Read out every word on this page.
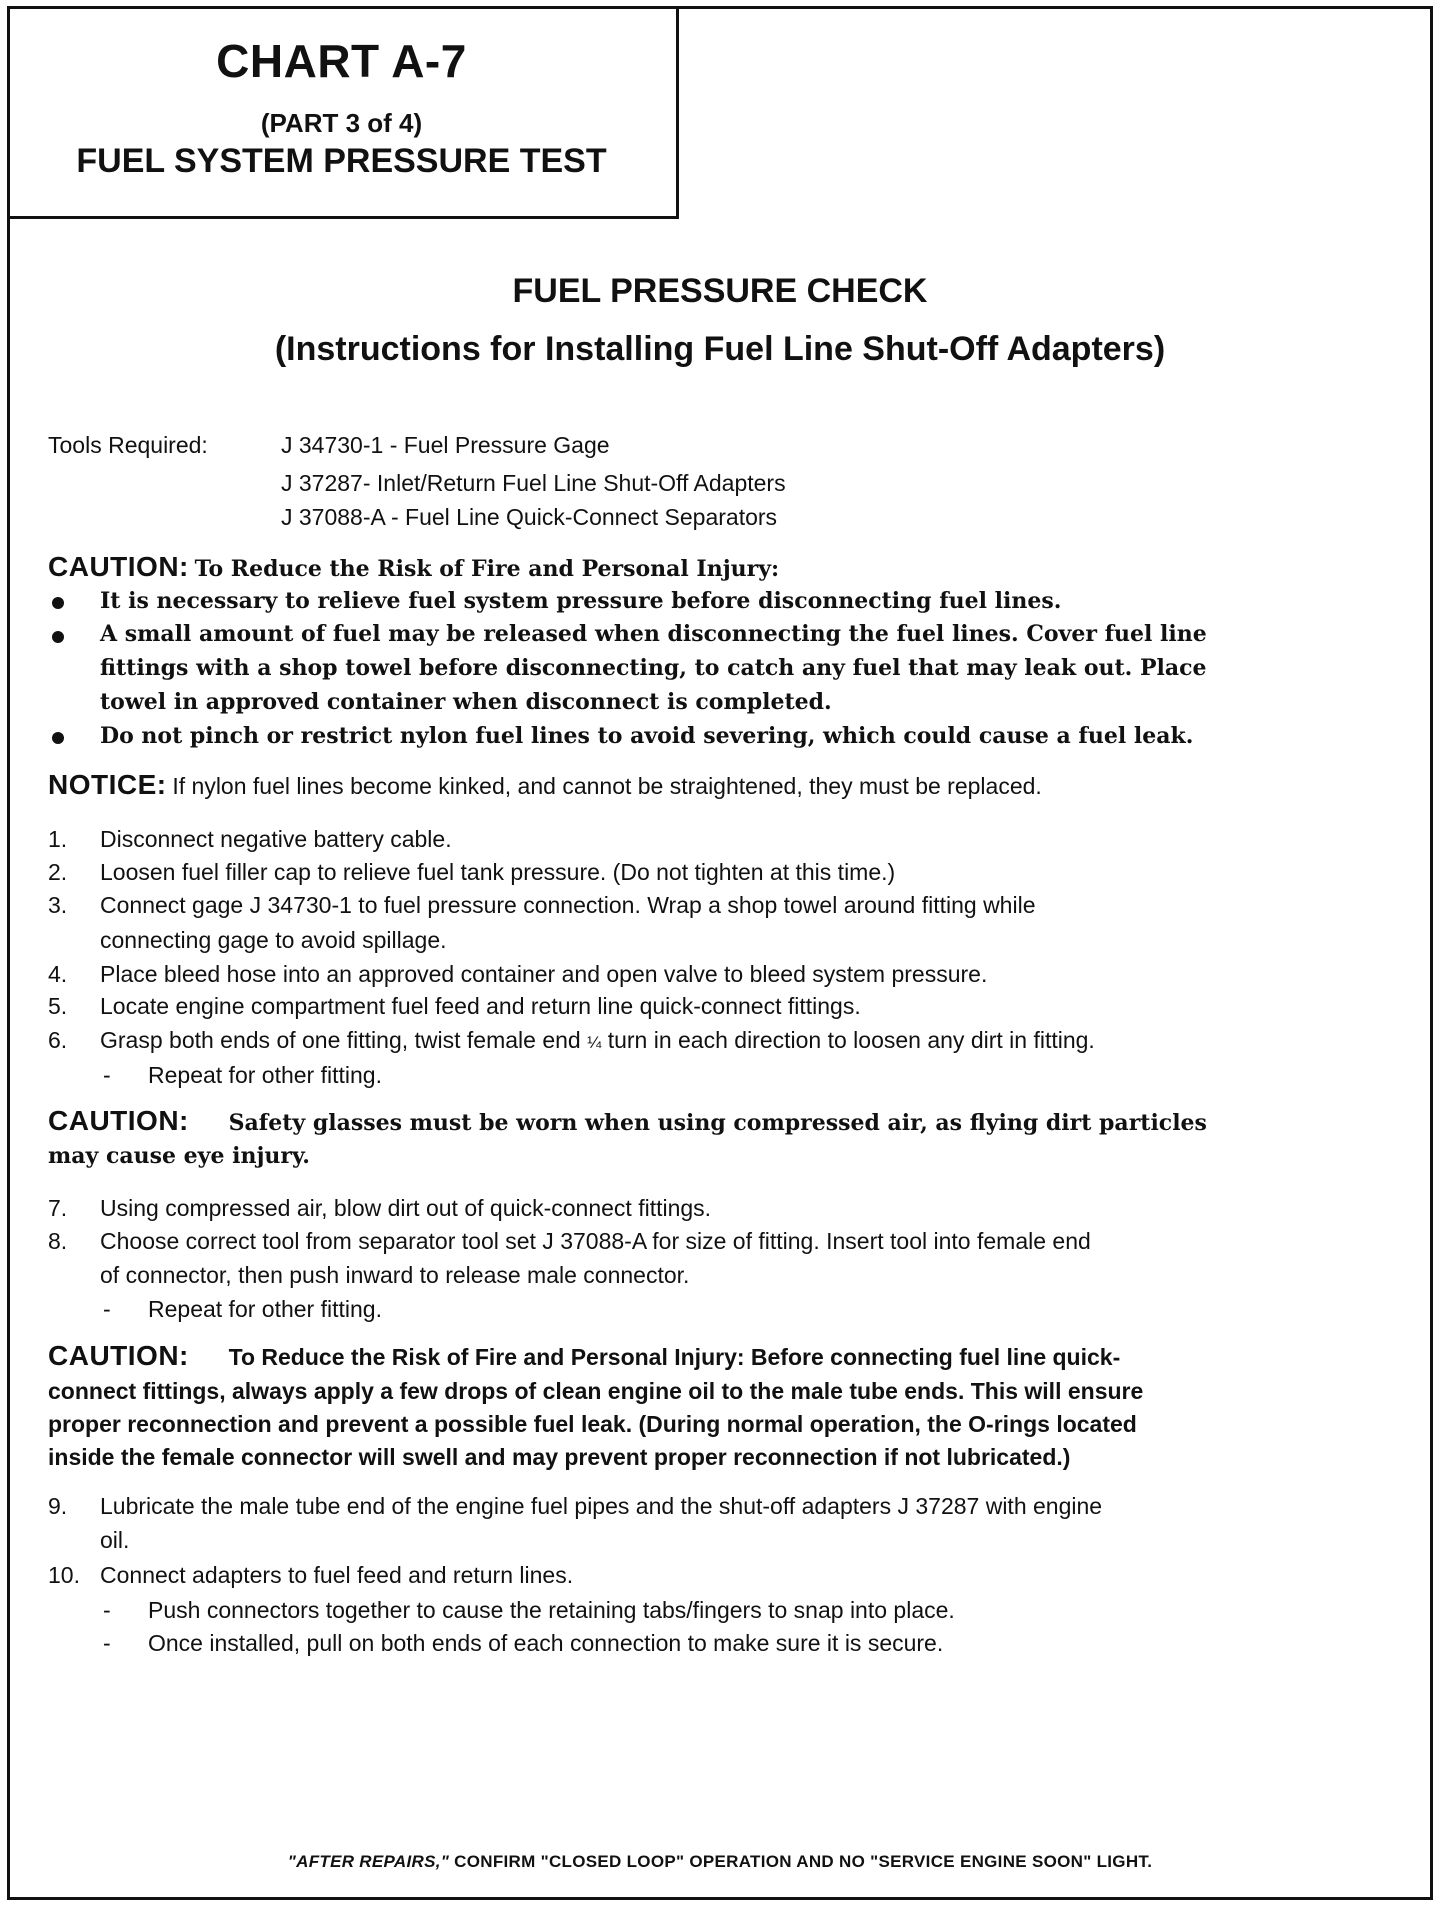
CHART A-7
(PART 3 of 4)
FUEL SYSTEM PRESSURE TEST
FUEL PRESSURE CHECK
(Instructions for Installing Fuel Line Shut-Off Adapters)
Tools Required:	J 34730-1 - Fuel Pressure Gage
J 37287- Inlet/Return Fuel Line Shut-Off Adapters
J 37088-A - Fuel Line Quick-Connect Separators
CAUTION: To Reduce the Risk of Fire and Personal Injury:
It is necessary to relieve fuel system pressure before disconnecting fuel lines.
A small amount of fuel may be released when disconnecting the fuel lines. Cover fuel line
fittings with a shop towel before disconnecting, to catch any fuel that may leak out. Place
towel in approved container when disconnect is completed.
Do not pinch or restrict nylon fuel lines to avoid severing, which could cause a fuel leak.
NOTICE: If nylon fuel lines become kinked, and cannot be straightened, they must be replaced.
1. Disconnect negative battery cable.
2. Loosen fuel filler cap to relieve fuel tank pressure. (Do not tighten at this time.)
3. Connect gage J 34730-1 to fuel pressure connection. Wrap a shop towel around fitting while
connecting gage to avoid spillage.
4. Place bleed hose into an approved container and open valve to bleed system pressure.
5. Locate engine compartment fuel feed and return line quick-connect fittings.
6. Grasp both ends of one fitting, twist female end ¼ turn in each direction to loosen any dirt in fitting.
- Repeat for other fitting.
CAUTION: Safety glasses must be worn when using compressed air, as flying dirt particles
may cause eye injury.
7. Using compressed air, blow dirt out of quick-connect fittings.
8. Choose correct tool from separator tool set J 37088-A for size of fitting. Insert tool into female end
of connector, then push inward to release male connector.
- Repeat for other fitting.
CAUTION: To Reduce the Risk of Fire and Personal Injury: Before connecting fuel line quick-
connect fittings, always apply a few drops of clean engine oil to the male tube ends. This will ensure
proper reconnection and prevent a possible fuel leak. (During normal operation, the O-rings located
inside the female connector will swell and may prevent proper reconnection if not lubricated.)
9. Lubricate the male tube end of the engine fuel pipes and the shut-off adapters J 37287 with engine
oil.
10. Connect adapters to fuel feed and return lines.
- Push connectors together to cause the retaining tabs/fingers to snap into place.
- Once installed, pull on both ends of each connection to make sure it is secure.
"AFTER REPAIRS," CONFIRM "CLOSED LOOP" OPERATION AND NO "SERVICE ENGINE SOON" LIGHT.
